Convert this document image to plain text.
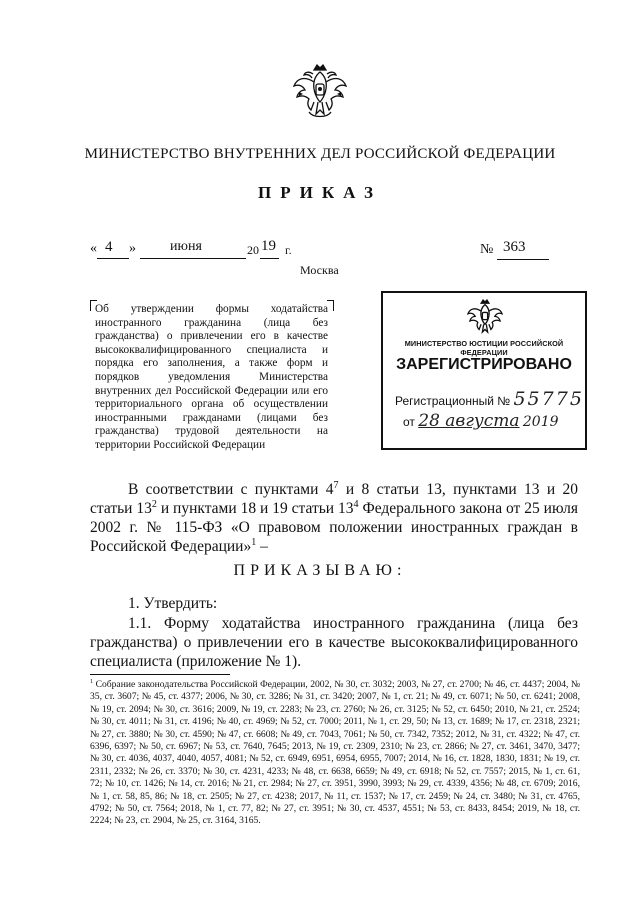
МИНИСТЕРСТВО ВНУТРЕННИХ ДЕЛ РОССИЙСКОЙ ФЕДЕРАЦИИ
ПРИКАЗ
« 4 » июня	20 19 г.
Москва
№ 363
Об утверждении формы ходатайства иностранного гражданина (лица без гражданства) о привлечении его в качестве высококвалифицированного специалиста и порядка его заполнения, а также форм и порядков уведомления Министерства внутренних дел Российской Федерации или его территориального органа об осуществлении иностранными гражданами (лицами без гражданства) трудовой деятельности на территории Российской Федерации
МИНИСТЕРСТВО ЮСТИЦИИ РОССИЙСКОЙ ФЕДЕРАЦИИ
ЗАРЕГИСТРИРОВАНО
Регистрационный № 55775
от 28 августа 2019
В соответствии с пунктами $4^7$ и 8 статьи 13, пунктами 13 и 20 статьи $13^2$ и пунктами 18 и 19 статьи $13^4$ Федерального закона от 25 июля 2002 г. № 115-ФЗ «О правовом положении иностранных граждан в Российской Федерации»$^1$ –
ПРИКАЗЫВАЮ:
1. Утвердить:
1.1. Форму ходатайства иностранного гражданина (лица без гражданства) о привлечении его в качестве высококвалифицированного специалиста (приложение № 1).
$^1$ Собрание законодательства Российской Федерации, 2002, № 30, ст. 3032; 2003, № 27, ст. 2700; № 46, ст. 4437; 2004, № 35, ст. 3607; № 45, ст. 4377; 2006, № 30, ст. 3286; № 31, ст. 3420; 2007, № 1, ст. 21; № 49, ст. 6071; № 50, ст. 6241; 2008, № 19, ст. 2094; № 30, ст. 3616; 2009, № 19, ст. 2283; № 23, ст. 2760; № 26, ст. 3125; № 52, ст. 6450; 2010, № 21, ст. 2524; № 30, ст. 4011; № 31, ст. 4196; № 40, ст. 4969; № 52, ст. 7000; 2011, № 1, ст. 29, 50; № 13, ст. 1689; № 17, ст. 2318, 2321; № 27, ст. 3880; № 30, ст. 4590; № 47, ст. 6608; № 49, ст. 7043, 7061; № 50, ст. 7342, 7352; 2012, № 31, ст. 4322; № 47, ст. 6396, 6397; № 50, ст. 6967; № 53, ст. 7640, 7645; 2013, № 19, ст. 2309, 2310; № 23, ст. 2866; № 27, ст. 3461, 3470, 3477; № 30, ст. 4036, 4037, 4040, 4057, 4081; № 52, ст. 6949, 6951, 6954, 6955, 7007; 2014, № 16, ст. 1828, 1830, 1831; № 19, ст. 2311, 2332; № 26, ст. 3370; № 30, ст. 4231, 4233; № 48, ст. 6638, 6659; № 49, ст. 6918; № 52, ст. 7557; 2015, № 1, ст. 61, 72; № 10, ст. 1426; № 14, ст. 2016; № 21, ст. 2984; № 27, ст. 3951, 3990, 3993; № 29, ст. 4339, 4356; № 48, ст. 6709; 2016, № 1, ст. 58, 85, 86; № 18, ст. 2505; № 27, ст. 4238; 2017, № 11, ст. 1537; № 17, ст. 2459; № 24, ст. 3480; № 31, ст. 4765, 4792; № 50, ст. 7564; 2018, № 1, ст. 77, 82; № 27, ст. 3951; № 30, ст. 4537, 4551; № 53, ст. 8433, 8454; 2019, № 18, ст. 2224; № 23, ст. 2904, № 25, ст. 3164, 3165.
